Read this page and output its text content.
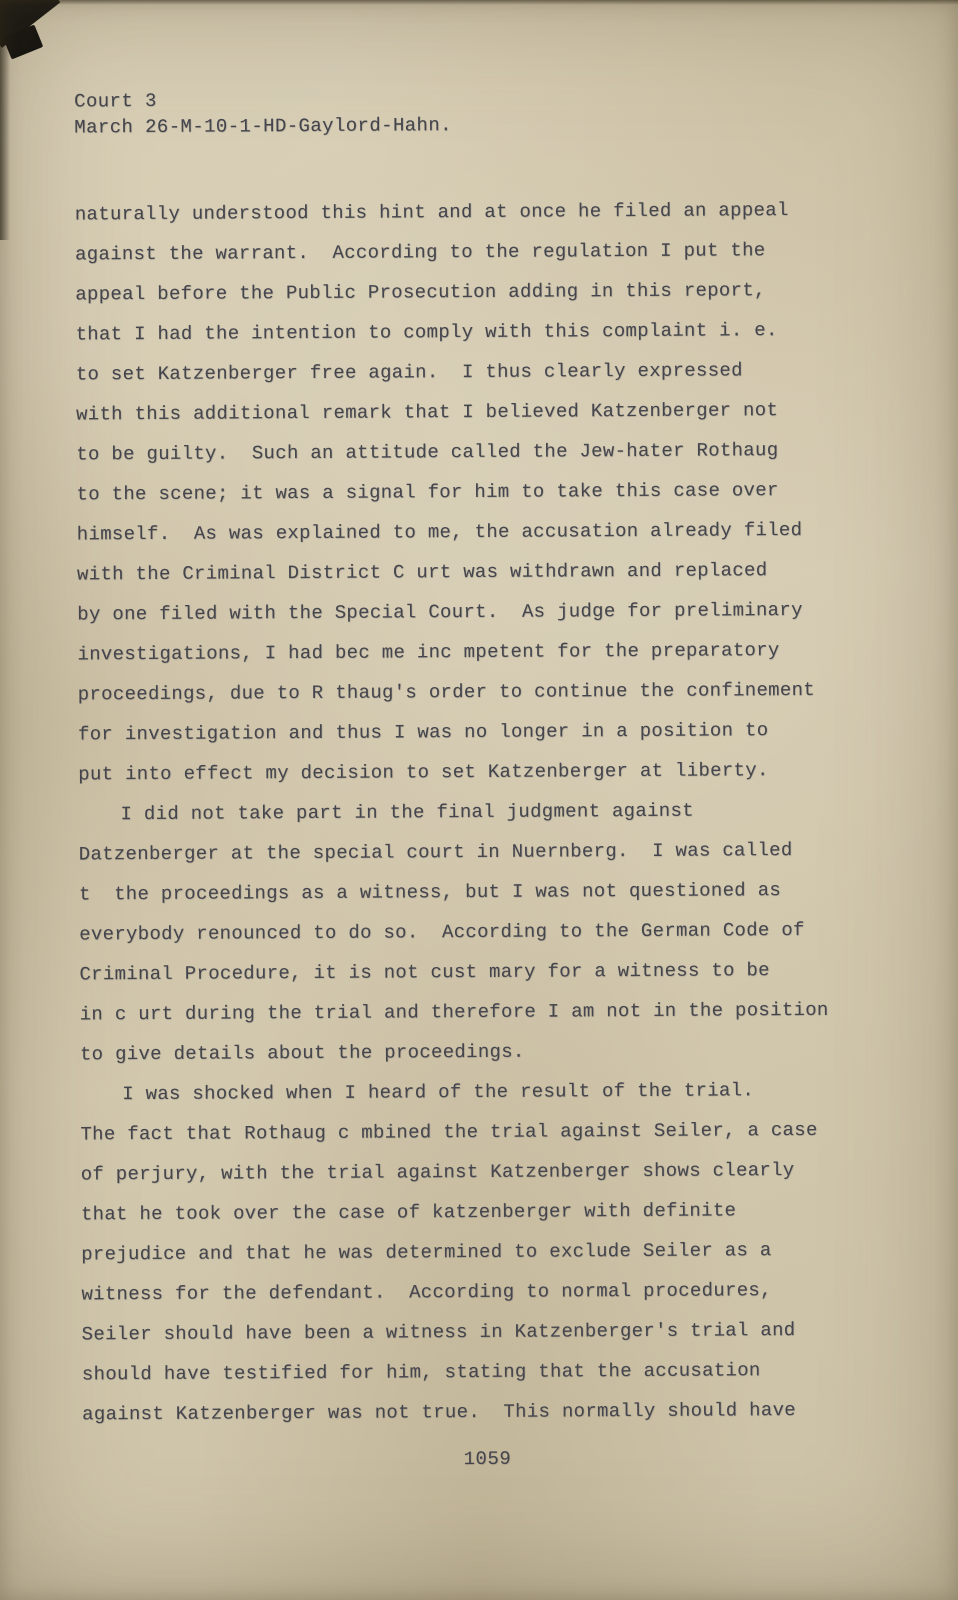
Court 3
March 26-M-10-1-HD-Gaylord-Hahn.
naturally understood this hint and at once he filed an appeal
against the warrant.  According to the regulation I put the
appeal before the Public Prosecution adding in this report,
that I had the intention to comply with this complaint i. e.
to set Katzenberger free again.  I thus clearly expressed
with this additional remark that I believed Katzenberger not
to be guilty.  Such an attitude called the Jew-hater Rothaug
to the scene; it was a signal for him to take this case over
himself.  As was explained to me, the accusation already filed
with the Criminal District C urt was withdrawn and replaced
by one filed with the Special Court.  As judge for preliminary
investigations, I had bec me inc mpetent for the preparatory
proceedings, due to R thaug's order to continue the confinement
for investigation and thus I was no longer in a position to
put into effect my decision to set Katzenberger at liberty.
I did not take part in the final judgment against
Datzenberger at the special court in Nuernberg.  I was called
t  the proceedings as a witness, but I was not questioned as
everybody renounced to do so.  According to the German Code of
Criminal Procedure, it is not cust mary for a witness to be
in c urt during the trial and therefore I am not in the position
to give details about the proceedings.
I was shocked when I heard of the result of the trial.
The fact that Rothaug c mbined the trial against Seiler, a case
of perjury, with the trial against Katzenberger shows clearly
that he took over the case of katzenberger with definite
prejudice and that he was determined to exclude Seiler as a
witness for the defendant.  According to normal procedures,
Seiler should have been a witness in Katzenberger's trial and
should have testified for him, stating that the accusation
against Katzenberger was not true.  This normally should have
1059
